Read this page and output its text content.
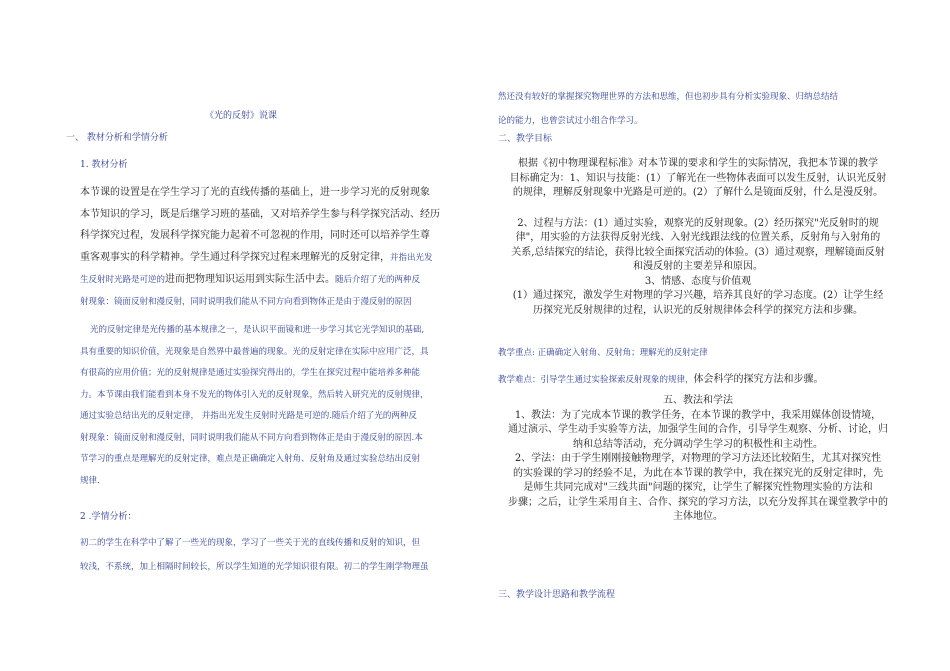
《光的反射》说课
一、 教材分析和学情分析
1. 教材分析
本节课的设置是在学生学习了光的直线传播的基础上，进一步学习光的反射现象
本节知识的学习，既是后继学习班的基础，又对培养学生参与科学探究活动、经历
科学探究过程，发展科学探究能力起着不可忽视的作用，同时还可以培养学生尊
重客观事实的科学精神。学生通过科学探究过程来理解光的反射定律，并指出光发
生反射时光路是可逆的进而把物理知识运用到实际生活中去。随后介绍了光的两种反
射现象：镜面反射和漫反射，同时说明我们能从不同方向看到物体正是由于漫反射的原因
光的反射定律是光传播的基本规律之一，是认识平面镜和进一步学习其它光学知识的基础,
具有重要的知识价值，光现象是自然界中最普遍的现象。光的反射定律在实际中应用广泛，具
有很高的应用价值；光的反射规律是通过实验探究得出的，学生在探究过程中能培养多种能
力。本节课由我们能看到本身不发光的物体引入光的反射现象，然后转入研究光的反射规律，
通过实验总结出光的反射定律， 并指出光发生反射时光路是可逆的.随后介绍了光的两种反
射现象：镜面反射和漫反射，同时说明我们能从不同方向看到物体正是由于漫反射的原因.本
节学习的重点是理解光的反射定律，难点是正确确定入射角、反射角及通过实验总结出反射
规律.
2 .学情分析：
初二的学生在科学中了解了一些光的现象，学习了一些关于光的直线传播和反射的知识，但
较浅，不系统，加上相隔时间较长，所以学生知道的光学知识很有限。初二的学生刚学物理虽
然还没有较好的掌握探究物理世界的方法和思维，但也初步具有分析实验现象、归纳总结结
论的能力，也曾尝试过小组合作学习。
二、教学目标
根据《初中物理课程标准》对本节课的要求和学生的实际情况，我把本节课的教学
目标确定为：1、知识与技能：(1）了解光在一些物体表面可以发生反射，认识光反射
的规律，理解反射现象中光路是可逆的。(2）了解什么是镜面反射，什么是漫反射。
2、过程与方法：(1）通过实验，观察光的反射现象。(2）经历探究"光反射时的规
律"，用实验的方法获得反射光线、入射光线跟法线的位置关系，反射角与入射角的
关系,总结探究的结论，获得比较全面探究活动的体验。(3）通过观察，理解镜面反射
和漫反射的主要差异和原因。
3、情感、态度与价值观
(1）通过探究，激发学生对物理的学习兴趣，培养其良好的学习态度。(2）让学生经
历探究光反射规律的过程，认识光的反射规律体会科学的探究方法和步骤。
教学重点: 正确确定入射角、反射角；理解光的反射定律
教学难点：引导学生通过实验探索反射现象的规律，体会科学的探究方法和步骤。
五、教法和学法
1、教法：为了完成本节课的教学任务，在本节课的教学中，我采用媒体创设情境，
通过演示、学生动手实验等方法，加强学生间的合作，引导学生观察、分析、讨论，归
纳和总结等活动，充分调动学生学习的积极性和主动性。
2、学法：由于学生刚刚接触物理学，对物理的学习方法还比较陌生，尤其对探究性
的实验课的学习的经验不足，为此在本节课的教学中，我在探究光的反射定律时，先
是师生共同完成对"三线共面"问题的探究，让学生了解探究性物理实验的方法和
步骤；之后，让学生采用自主、合作、探究的学习方法，以充分发挥其在课堂教学中的
主体地位。
三、教学设计思路和教学流程
